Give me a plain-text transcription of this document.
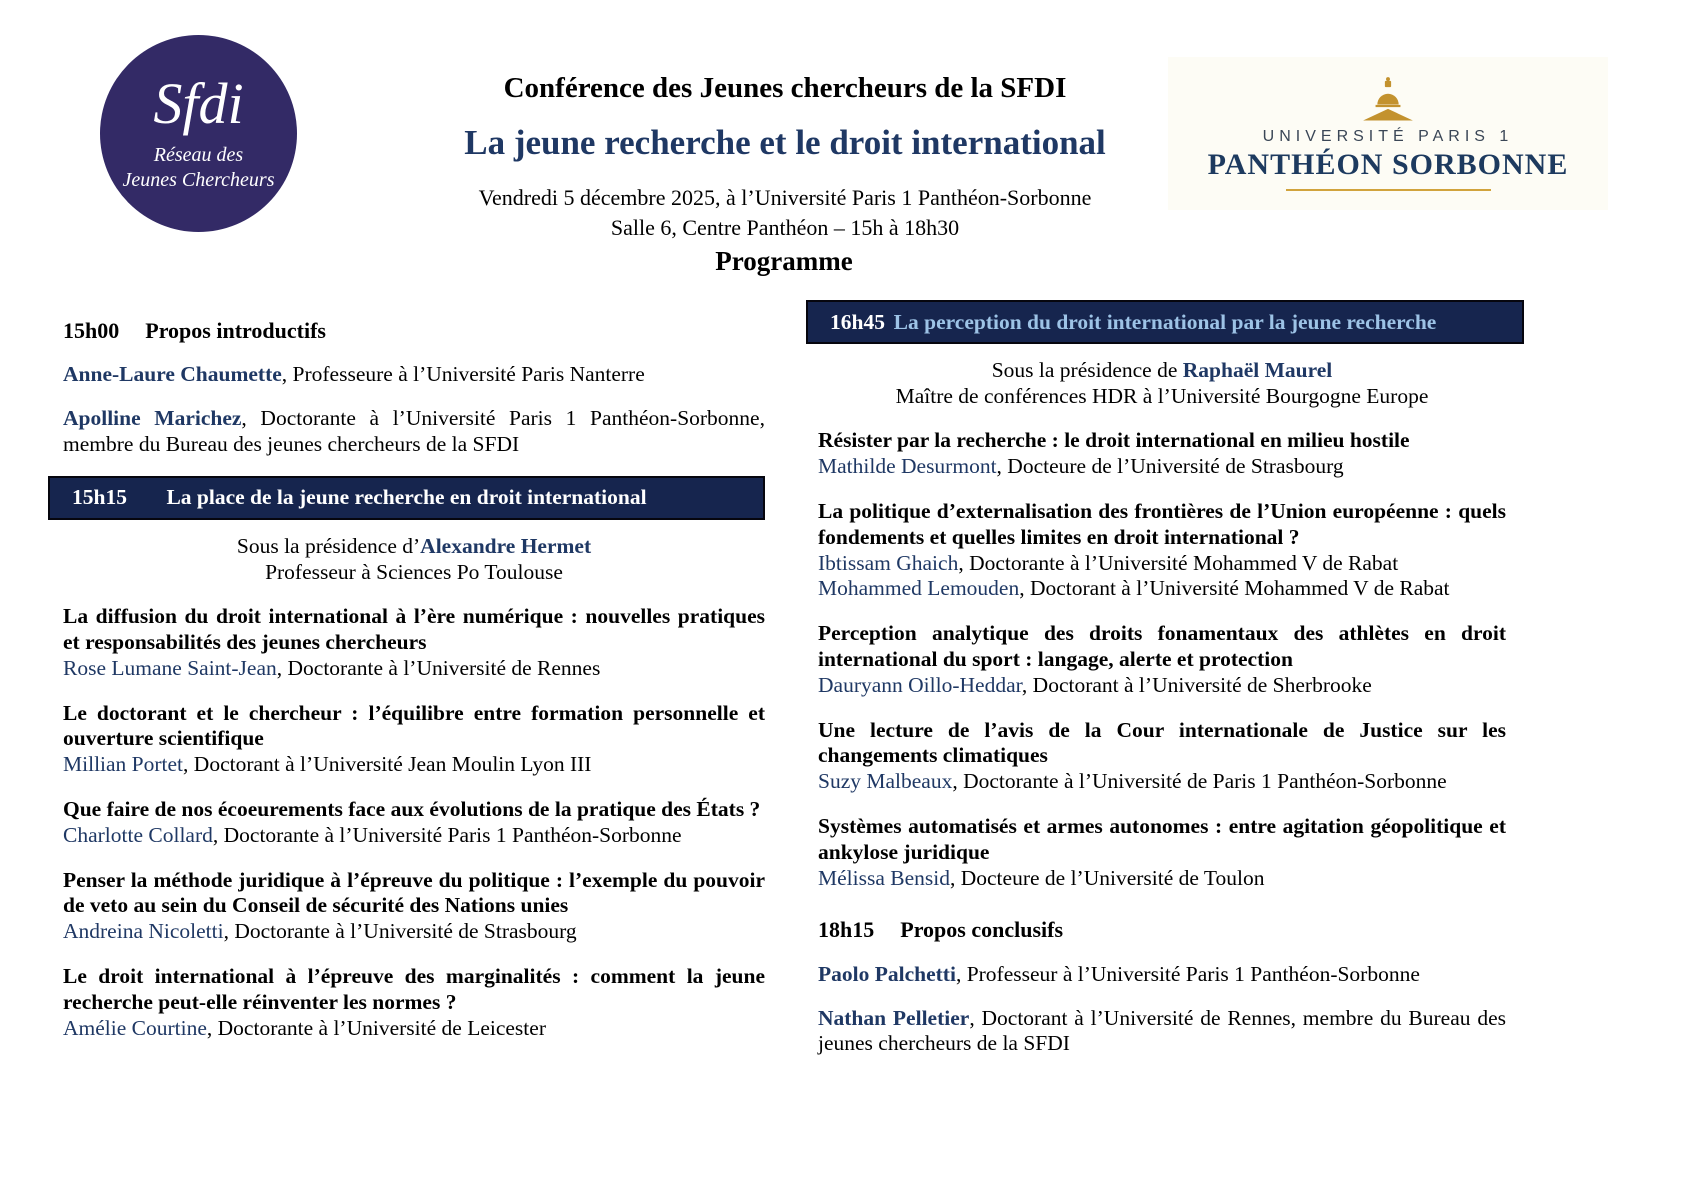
Sfdi
Réseau des
Jeunes Chercheurs
Conférence des Jeunes chercheurs de la SFDI
La jeune recherche et le droit international
Vendredi 5 décembre 2025, à l’Université Paris 1 Panthéon-Sorbonne
Salle 6, Centre Panthéon – 15h à 18h30
UNIVERSITÉ PARIS 1
PANTHÉON SORBONNE
Programme
15h00 Propos introductifs

Anne-Laure Chaumette, Professeure à l’Université Paris Nanterre

Apolline Marichez, Doctorante à l’Université Paris 1 Panthéon-Sorbonne, membre du Bureau des jeunes chercheurs de la SFDI

15h15 La place de la jeune recherche en droit international
Sous la présidence d’Alexandre Hermet
Professeur à Sciences Po Toulouse
La diffusion du droit international à l’ère numérique : nouvelles pratiques et responsabilités des jeunes chercheurs
Rose Lumane Saint-Jean, Doctorante à l’Université de Rennes
Le doctorant et le chercheur : l’équilibre entre formation personnelle et ouverture scientifique
Millian Portet, Doctorant à l’Université Jean Moulin Lyon III
Que faire de nos écoeurements face aux évolutions de la pratique des États ?
Charlotte Collard, Doctorante à l’Université Paris 1 Panthéon-Sorbonne
Penser la méthode juridique à l’épreuve du politique : l’exemple du pouvoir de veto au sein du Conseil de sécurité des Nations unies
Andreina Nicoletti, Doctorante à l’Université de Strasbourg
Le droit international à l’épreuve des marginalités : comment la jeune recherche peut-elle réinventer les normes ?
Amélie Courtine, Doctorante à l’Université de Leicester
16h45 La perception du droit international par la jeune recherche
Sous la présidence de Raphaël Maurel
Maître de conférences HDR à l’Université Bourgogne Europe
Résister par la recherche : le droit international en milieu hostile
Mathilde Desurmont, Docteure de l’Université de Strasbourg
La politique d’externalisation des frontières de l’Union européenne : quels fondements et quelles limites en droit international ?
Ibtissam Ghaich, Doctorante à l’Université Mohammed V de Rabat
Mohammed Lemouden, Doctorant à l’Université Mohammed V de Rabat
Perception analytique des droits fonamentaux des athlètes en droit international du sport : langage, alerte et protection
Dauryann Oillo-Heddar, Doctorant à l’Université de Sherbrooke
Une lecture de l’avis de la Cour internationale de Justice sur les changements climatiques
Suzy Malbeaux, Doctorante à l’Université de Paris 1 Panthéon-Sorbonne
Systèmes automatisés et armes autonomes : entre agitation géopolitique et ankylose juridique
Mélissa Bensid, Docteure de l’Université de Toulon
18h15 Propos conclusifs

Paolo Palchetti, Professeur à l’Université Paris 1 Panthéon-Sorbonne

Nathan Pelletier, Doctorant à l’Université de Rennes, membre du Bureau des jeunes chercheurs de la SFDI
